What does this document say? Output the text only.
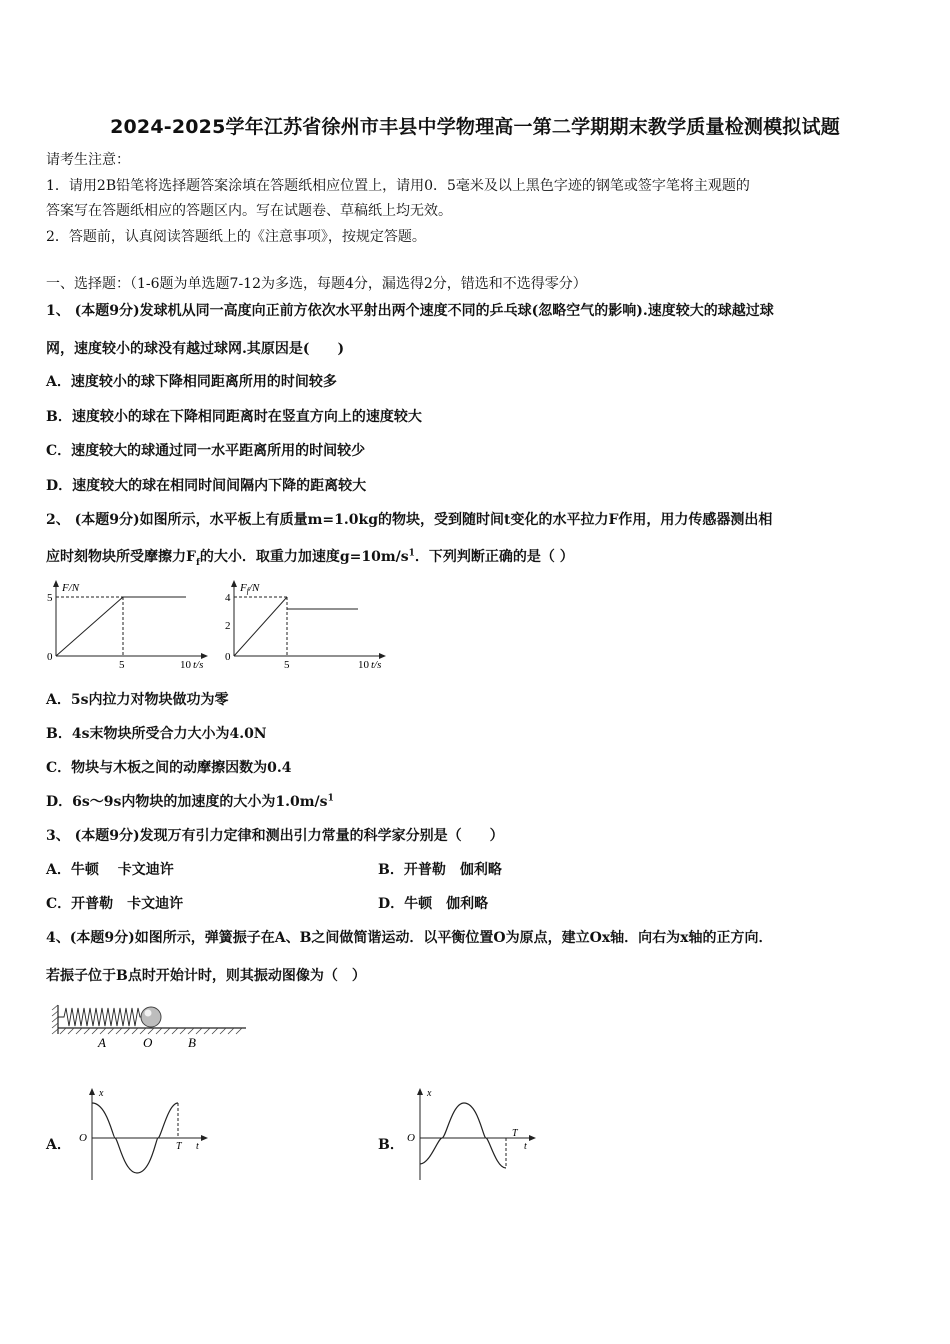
2024-2025学年江苏省徐州市丰县中学物理高一第二学期期末教学质量检测模拟试题
请考生注意：
1．请用2B铅笔将选择题答案涂填在答题纸相应位置上，请用0．5毫米及以上黑色字迹的钢笔或签字笔将主观题的
答案写在答题纸相应的答题区内。写在试题卷、草稿纸上均无效。
2．答题前，认真阅读答题纸上的《注意事项》，按规定答题。
一、选择题：（1-6题为单选题7-12为多选，每题4分，漏选得2分，错选和不选得零分）
1、 (本题9分)发球机从同一高度向正前方依次水平射出两个速度不同的乒乓球(忽略空气的影响).速度较大的球越过球
网，速度较小的球没有越过球网.其原因是(　　)
A．速度较小的球下降相同距离所用的时间较多
B．速度较小的球在下降相同距离时在竖直方向上的速度较大
C．速度较大的球通过同一水平距离所用的时间较少
D．速度较大的球在相同时间间隔内下降的距离较大
2、 (本题9分)如图所示，水平板上有质量m=1.0kg的物块，受到随时间t变化的水平拉力F作用，用力传感器测出相
应时刻物块所受摩擦力$F_f$的大小．取重力加速度$g=10m/s^1$．下列判断正确的是（ ）
F/N
5
0
5	10 t/s
Ff/N
4
2
0
5	10 t/s
A．5s内拉力对物块做功为零
B．4s末物块所受合力大小为4.0N
C．物块与木板之间的动摩擦因数为0.4
D．6s～9s内物块的加速度的大小为$1.0m/s^1$
3、 (本题9分)发现万有引力定律和测出引力常量的科学家分别是（　　）
A．牛顿　 卡文迪许	B．开普勒　伽利略
C．开普勒　卡文迪许	D．牛顿　伽利略
4、(本题9分)如图所示，弹簧振子在A、B之间做简谐运动．以平衡位置O为原点，建立Ox轴．向右为x轴的正方向．
若振子位于B点时开始计时，则其振动图像为（　）
A	O	B
A．
x
O
T t	B．
x
O	T
t
